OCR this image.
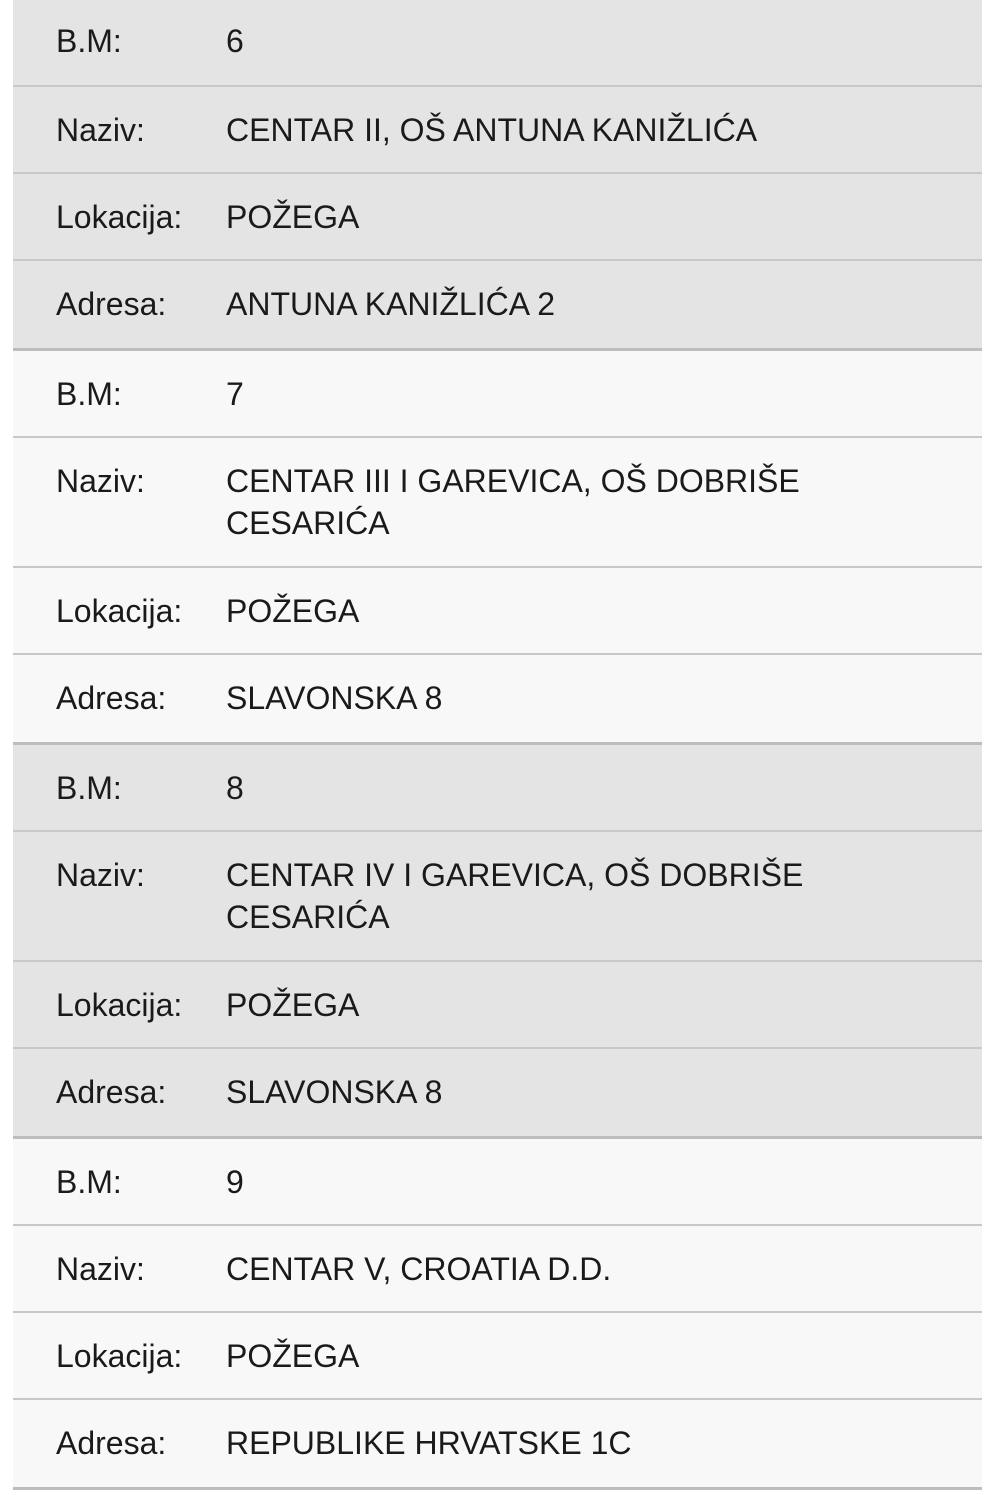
B.M:	6
Naziv:	CENTAR II, OŠ ANTUNA KANIŽLIĆA
Lokacija:	POŽEGA
Adresa:	ANTUNA KANIŽLIĆA 2
B.M:	7
Naziv:	CENTAR III I GAREVICA, OŠ DOBRIŠE CESARIĆA
Lokacija:	POŽEGA
Adresa:	SLAVONSKA 8
B.M:	8
Naziv:	CENTAR IV I GAREVICA, OŠ DOBRIŠE CESARIĆA
Lokacija:	POŽEGA
Adresa:	SLAVONSKA 8
B.M:	9
Naziv:	CENTAR V, CROATIA D.D.
Lokacija:	POŽEGA
Adresa:	REPUBLIKE HRVATSKE 1C
